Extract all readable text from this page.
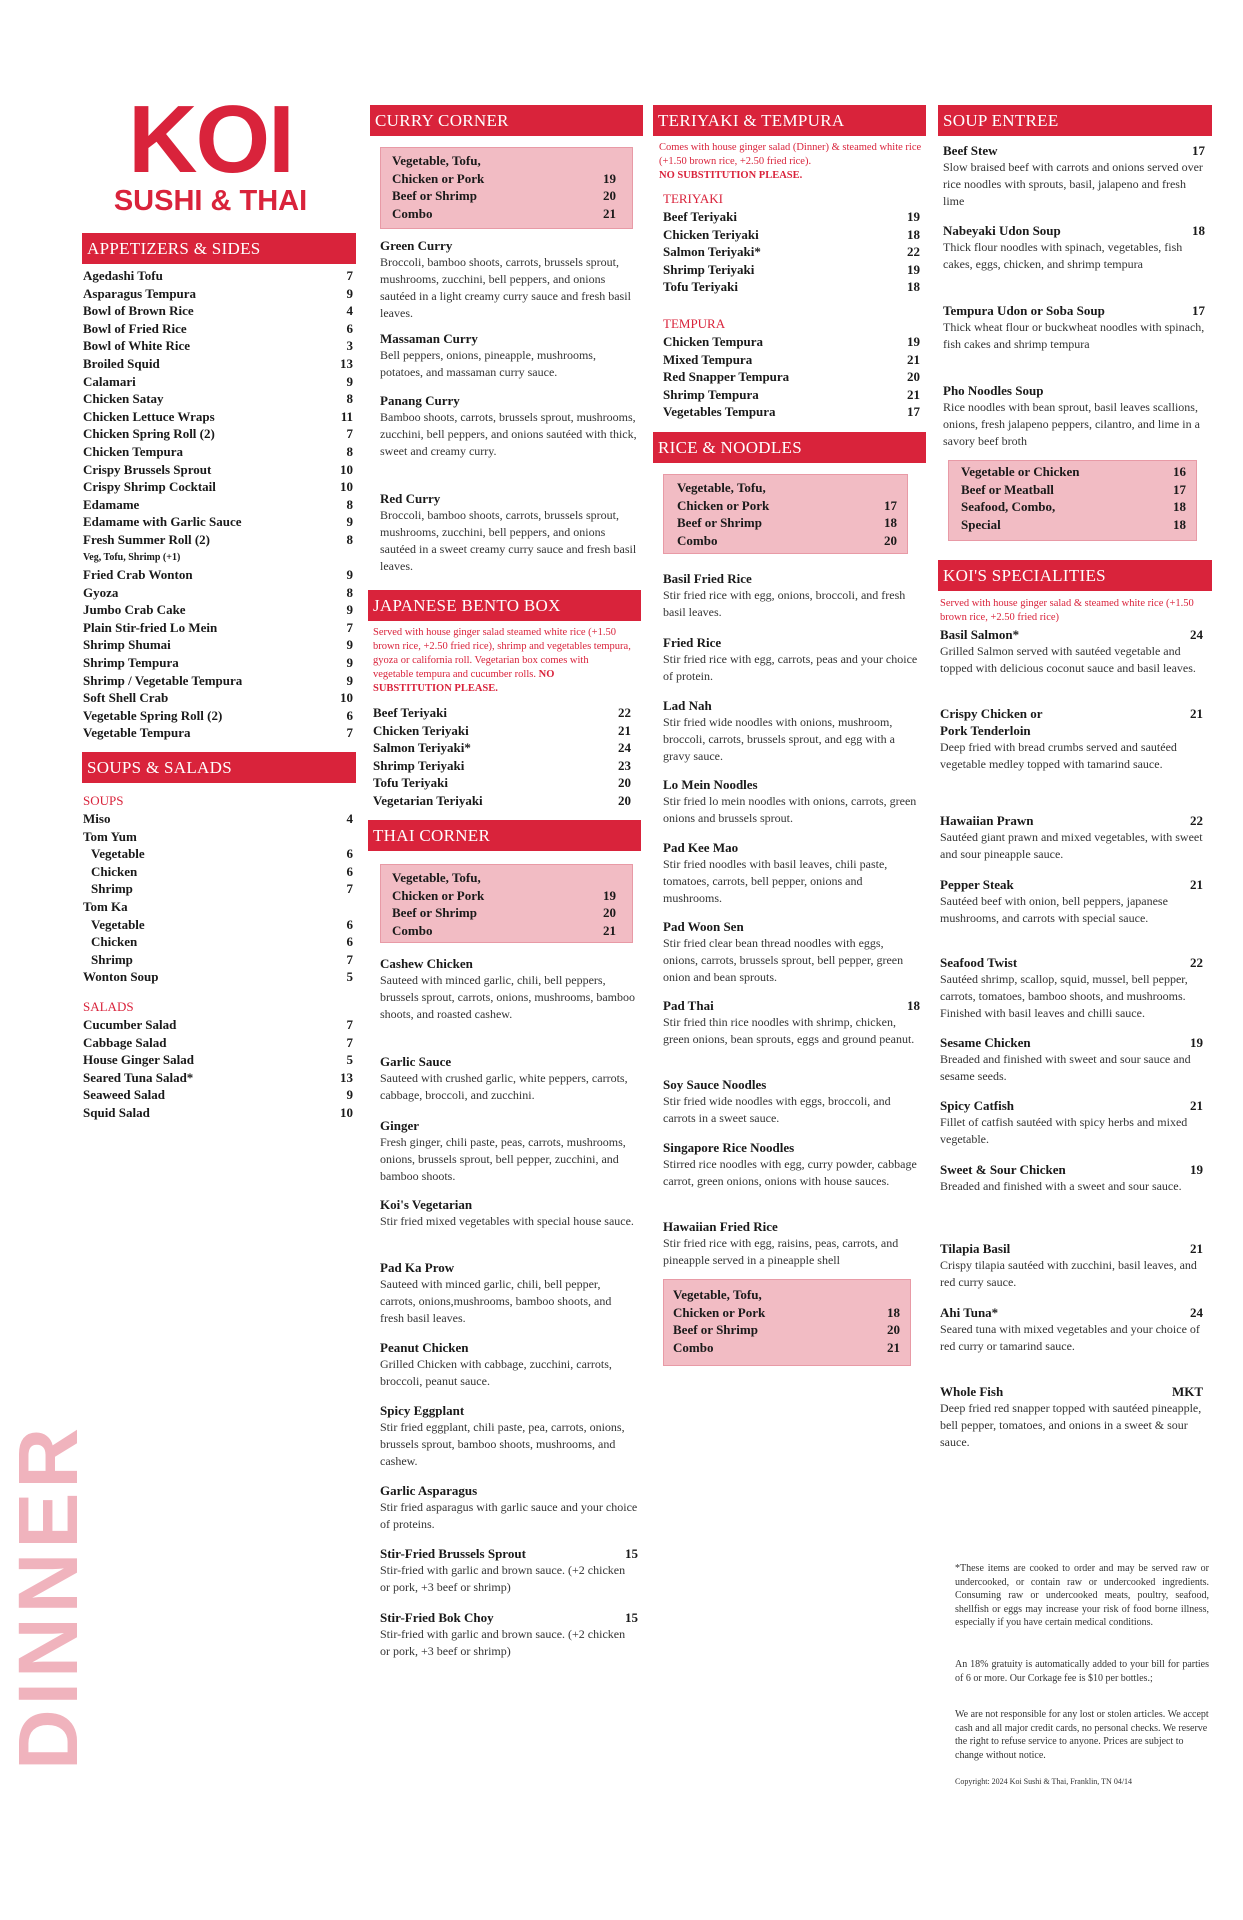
KOI
SUSHI & THAI
DINNER
APPETIZERS & SIDES
Agedashi Tofu	7
Asparagus Tempura	9
Bowl of Brown Rice	4
Bowl of Fried Rice	6
Bowl of White Rice	3
Broiled Squid	13
Calamari	9
Chicken Satay	8
Chicken Lettuce Wraps	11
Chicken Spring Roll (2)	7
Chicken Tempura	8
Crispy Brussels Sprout	10
Crispy Shrimp Cocktail	10
Edamame	8
Edamame with Garlic Sauce	9
Fresh Summer Roll (2)	8
Veg, Tofu, Shrimp (+1)
Fried Crab Wonton	9
Gyoza	8
Jumbo Crab Cake	9
Plain Stir-fried Lo Mein	7
Shrimp Shumai	9
Shrimp Tempura	9
Shrimp / Vegetable Tempura	9
Soft Shell Crab	10
Vegetable Spring Roll (2)	6
Vegetable Tempura	7
SOUPS & SALADS
SOUPS
Miso	4
Tom Yum
Vegetable	6
Chicken	6
Shrimp	7
Tom Ka
Vegetable	6
Chicken	6
Shrimp	7
Wonton Soup	5
SALADS
Cucumber Salad	7
Cabbage Salad	7
House Ginger Salad	5
Seared Tuna Salad*	13
Seaweed Salad	9
Squid Salad	10
CURRY CORNER
Vegetable, Tofu,
Chicken or Pork	19
Beef or Shrimp	20
Combo	21
Green Curry
Broccoli, bamboo shoots, carrots, brussels sprout, mushrooms, zucchini, bell peppers, and onions sautéed in a light creamy curry sauce and fresh basil leaves.
Massaman Curry
Bell peppers, onions, pineapple, mushrooms, potatoes, and massaman curry sauce.
Panang Curry
Bamboo shoots, carrots, brussels sprout, mushrooms, zucchini, bell peppers, and onions sautéed with thick, sweet and creamy curry.
Red Curry
Broccoli, bamboo shoots, carrots, brussels sprout, mushrooms, zucchini, bell peppers, and onions sautéed in a sweet creamy curry sauce and fresh basil leaves.
JAPANESE BENTO BOX
Served with house ginger salad steamed white rice (+1.50 brown rice, +2.50 fried rice), shrimp and vegetables tempura, gyoza or california roll. Vegetarian box comes with vegetable tempura and cucumber rolls. NO SUBSTITUTION PLEASE.
Beef Teriyaki	22
Chicken Teriyaki	21
Salmon Teriyaki*	24
Shrimp Teriyaki	23
Tofu Teriyaki	20
Vegetarian Teriyaki	20
THAI CORNER
Vegetable, Tofu,
Chicken or Pork	19
Beef or Shrimp	20
Combo	21
Cashew Chicken
Sauteed with minced garlic, chili, bell peppers, brussels sprout, carrots, onions, mushrooms, bamboo shoots, and roasted cashew.
Garlic Sauce
Sauteed with crushed garlic, white peppers, carrots, cabbage, broccoli, and zucchini.
Ginger
Fresh ginger, chili paste, peas, carrots, mushrooms, onions, brussels sprout, bell pepper, zucchini, and bamboo shoots.
Koi's Vegetarian
Stir fried mixed vegetables with special house sauce.
Pad Ka Prow
Sauteed with minced garlic, chili, bell pepper, carrots, onions,mushrooms, bamboo shoots, and fresh basil leaves.
Peanut Chicken
Grilled Chicken with cabbage, zucchini, carrots, broccoli, peanut sauce.
Spicy Eggplant
Stir fried eggplant, chili paste, pea, carrots, onions, brussels sprout, bamboo shoots, mushrooms, and cashew.
Garlic Asparagus
Stir fried asparagus with garlic sauce and your choice of proteins.
Stir-Fried Brussels Sprout	15
Stir-fried with garlic and brown sauce. (+2 chicken or pork, +3 beef or shrimp)
Stir-Fried Bok Choy	15
Stir-fried with garlic and brown sauce. (+2 chicken or pork, +3 beef or shrimp)
TERIYAKI & TEMPURA
Comes with house ginger salad (Dinner) & steamed white rice (+1.50 brown rice, +2.50 fried rice).
NO SUBSTITUTION PLEASE.
TERIYAKI
Beef Teriyaki	19
Chicken Teriyaki	18
Salmon Teriyaki*	22
Shrimp Teriyaki	19
Tofu Teriyaki	18
TEMPURA
Chicken Tempura	19
Mixed Tempura	21
Red Snapper Tempura	20
Shrimp Tempura	21
Vegetables Tempura	17
RICE & NOODLES
Vegetable, Tofu,
Chicken or Pork	17
Beef or Shrimp	18
Combo	20
Basil Fried Rice
Stir fried rice with egg, onions, broccoli, and fresh basil leaves.
Fried Rice
Stir fried rice with egg, carrots, peas and your choice of protein.
Lad Nah
Stir fried wide noodles with onions, mushroom, broccoli, carrots, brussels sprout, and egg with a gravy sauce.
Lo Mein Noodles
Stir fried lo mein noodles with onions, carrots, green onions and brussels sprout.
Pad Kee Mao
Stir fried noodles with basil leaves, chili paste, tomatoes, carrots, bell pepper, onions and mushrooms.
Pad Woon Sen
Stir fried clear bean thread noodles with eggs, onions, carrots, brussels sprout, bell pepper, green onion and bean sprouts.
Pad Thai	18
Stir fried thin rice noodles with shrimp, chicken, green onions, bean sprouts, eggs and ground peanut.
Soy Sauce Noodles
Stir fried wide noodles with eggs, broccoli, and carrots in a sweet sauce.
Singapore Rice Noodles
Stirred rice noodles with egg, curry powder, cabbage carrot, green onions, onions with house sauces.
Hawaiian Fried Rice
Stir fried rice with egg, raisins, peas, carrots, and pineapple served in a pineapple shell
Vegetable, Tofu,
Chicken or Pork	18
Beef or Shrimp	20
Combo	21
SOUP ENTREE
Beef Stew	17
Slow braised beef with carrots and onions served over rice noodles with sprouts, basil, jalapeno and fresh lime
Nabeyaki Udon Soup	18
Thick flour noodles with spinach, vegetables, fish cakes, eggs, chicken, and shrimp tempura
Tempura Udon or Soba Soup	17
Thick wheat flour or buckwheat noodles with spinach, fish cakes and shrimp tempura
Pho Noodles Soup
Rice noodles with bean sprout, basil leaves scallions, onions, fresh jalapeno peppers, cilantro, and lime in a savory beef broth
Vegetable or Chicken	16
Beef or Meatball	17
Seafood, Combo,	18
Special	18
KOI'S SPECIALITIES
Served with house ginger salad & steamed white rice (+1.50 brown rice, +2.50 fried rice)
Basil Salmon*	24
Grilled Salmon served with sautéed vegetable and topped with delicious coconut sauce and basil leaves.
Crispy Chicken or Pork Tenderloin
21
Deep fried with bread crumbs served and sautéed vegetable medley topped with tamarind sauce.
Hawaiian Prawn	22
Sautéed giant prawn and mixed vegetables, with sweet and sour pineapple sauce.
Pepper Steak	21
Sautéed beef with onion, bell peppers, japanese mushrooms, and carrots with special sauce.
Seafood Twist	22
Sautéed shrimp, scallop, squid, mussel, bell pepper, carrots, tomatoes, bamboo shoots, and mushrooms. Finished with basil leaves and chilli sauce.
Sesame Chicken	19
Breaded and finished with sweet and sour sauce and sesame seeds.
Spicy Catfish	21
Fillet of catfish sautéed with spicy herbs and mixed vegetable.
Sweet & Sour Chicken	19
Breaded and finished with a sweet and sour sauce.
Tilapia Basil	21
Crispy tilapia sautéed with zucchini, basil leaves, and red curry sauce.
Ahi Tuna*	24
Seared tuna with mixed vegetables and your choice of red curry or tamarind sauce.
Whole Fish	MKT
Deep fried red snapper topped with sautéed pineapple, bell pepper, tomatoes, and onions in a sweet & sour sauce.
*These items are cooked to order and may be served raw or undercooked, or contain raw or undercooked ingredients. Consuming raw or undercooked meats, poultry, seafood, shellfish or eggs may increase your risk of food borne illness, especially if you have certain medical conditions.
An 18% gratuity is automatically added to your bill for parties of 6 or more. Our Corkage fee is $10 per bottles.;
We are not responsible for any lost or stolen articles. We accept cash and all major credit cards, no personal checks. We reserve the right to refuse service to anyone. Prices are subject to change without notice.
Copyright: 2024 Koi Sushi & Thai, Franklin, TN 04/14
